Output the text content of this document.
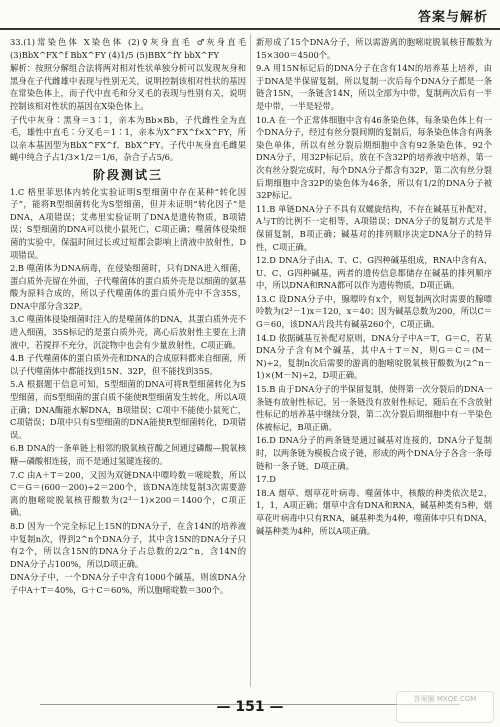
答案与解析

33.(1)常染色体 X染色体 (2)♀灰身直毛 ♂灰身直毛 (3)BbX^FX^f BbX^FY (4)1/5 (5)BBX^fY bbX^FY

解析：按照分解组合法将两对相对性状单独分析可以发现灰身和黑身在子代雌雄中表现与性别无关，说明控制该相对性状的基因在常染色体上，而子代中直毛和分叉毛的表现与性别有关，说明控制该相对性状的基因在X染色体上。

子代中灰身∶黑身＝3∶1，亲本为Bb×Bb，子代雌性全为直毛，雄性中直毛∶分叉毛＝1∶1，亲本为X^FX^f×X^FY，所以亲本基因型为BbX^FX^f、BbX^FY。子代中灰身直毛雌果蝇中纯合子占1/3×1/2＝1/6，杂合子占5/6。

阶段测试三

1.C 格里菲思体内转化实验证明S型细菌中存在某种“转化因子”，能将R型细菌转化为S型细菌，但并未证明“转化因子”是DNA，A项错误；艾弗里实验证明了DNA是遗传物质，B项错误；S型细菌的DNA可以使小鼠死亡，C项正确；噬菌体侵染细菌的实验中，保温时间过长或过短都会影响上清液中放射性，D项错误。

2.B 噬菌体为DNA病毒，在侵染细菌时，只有DNA进入细菌，蛋白质外壳留在外面，子代噬菌体的蛋白质外壳是以细菌的氨基酸为原料合成的，所以子代噬菌体的蛋白质外壳中不含35S，DNA中部分含32P。

3.C 噬菌体侵染细菌时注入的是噬菌体的DNA，其蛋白质外壳不进入细菌，35S标记的是蛋白质外壳，离心后放射性主要在上清液中，若搅拌不充分，沉淀物中也会有少量放射性，C项正确。

4.B 子代噬菌体的蛋白质外壳和DNA的合成原料都来自细菌，所以子代噬菌体中都能找到15N、32P，但不能找到35S。

5.A 根据题干信息可知，S型细菌的DNA可将R型细菌转化为S型细菌，而S型细菌的蛋白质不能使R型细菌发生转化，所以A项正确；DNA酶能水解DNA，B项错误；C项中不能使小鼠死亡，C项错误；D项中只有S型细菌的DNA能使R型细菌转化，D项错误。

6.B DNA的一条单链上相邻的脱氧核苷酸之间通过磷酸—脱氧核糖—磷酸相连接，而不是通过氢键连接的。

7.C 由A＋T＝200，又因为双链DNA中嘌呤数＝嘧啶数，所以C＝G＝(600－200)÷2＝200个，该DNA连续复制3次需要游离的胞嘧啶脱氧核苷酸数为(2³－1)×200＝1400个，C项正确。

8.D 因为一个完全标记上15N的DNA分子，在含14N的培养液中复制n次，得到2^n个DNA分子，其中含15N的DNA分子只有2个，所以含15N的DNA分子占总数的2/2^n，含14N的DNA分子占100%，所以D项正确。

DNA分子中，一个DNA分子中含有1000个碱基，则该DNA分子中A＋T＝40%，G＋C＝60%，所以胞嘧啶数＝300个。

新形成了15个DNA分子，所以需游离的胞嘧啶脱氧核苷酸数为15×300＝4500个。

9.A 用15N标记后的DNA分子在含有14N的培养基上培养，由于DNA是半保留复制，所以复制一次后每个DNA分子都是一条链含15N，一条链含14N，所以全部为中带，复制两次后有一半是中带，一半是轻带。

10.A 在一个正常体细胞中含有46条染色体，每条染色体上有一个DNA分子，经过有丝分裂间期的复制后，每条染色体含有两条染色单体，所以有丝分裂后期细胞中含有92条染色体，92个DNA分子，用32P标记后，放在不含32P的培养液中培养，第一次有丝分裂完成时，每个DNA分子都含有32P，第二次有丝分裂后期细胞中含32P的染色体为46条，所以有1/2的DNA分子被32P标记。

11.B 单链DNA分子不具有双螺旋结构，不存在碱基互补配对，A与T的比例不一定相等，A项错误；DNA分子的复制方式是半保留复制，B项正确；碱基对的排列顺序决定DNA分子的特异性，C项正确。

12.D DNA分子由A、T、C、G四种碱基组成，RNA中含有A、U、C、G四种碱基，两者的遗传信息都储存在碱基的排列顺序中，所以DNA和RNA都可以作为遗传物质，D项正确。

13.C 设DNA分子中，腺嘌呤有x个，则复制两次时需要的腺嘌呤数为(2²－1)x＝120，x＝40；因为碱基总数为200，所以C＝G＝60，该DNA片段共有碱基260个，C项正确。

14.D 依据碱基互补配对原则，DNA分子中A＝T，G＝C，若某DNA分子含有M个碱基，其中A＋T＝N，则G＝C＝(M－N)÷2，复制n次后需要的游离的胞嘧啶脱氧核苷酸数为(2^n－1)×(M－N)÷2，D项正确。

15.B 由于DNA分子的半保留复制，使得第一次分裂后的DNA一条链有放射性标记，另一条链没有放射性标记，随后在不含放射性标记的培养基中继续分裂，第二次分裂后期细胞中有一半染色体被标记，B项正确。

16.D DNA分子的两条链是通过碱基对连接的，DNA分子复制时，以两条链为模板合成子链，形成的两个DNA分子各含一条母链和一条子链，D项正确。

17.D

18.A 烟草、烟草花叶病毒、噬菌体中，核酸的种类依次是2，1，1，A项正确；烟草中含有DNA和RNA，碱基种类有5种，烟草花叶病毒中只有RNA，碱基种类为4种，噬菌体中只有DNA，碱基种类为4种，所以A项正确。

— 151 —	答案圈 MXQE.COM
